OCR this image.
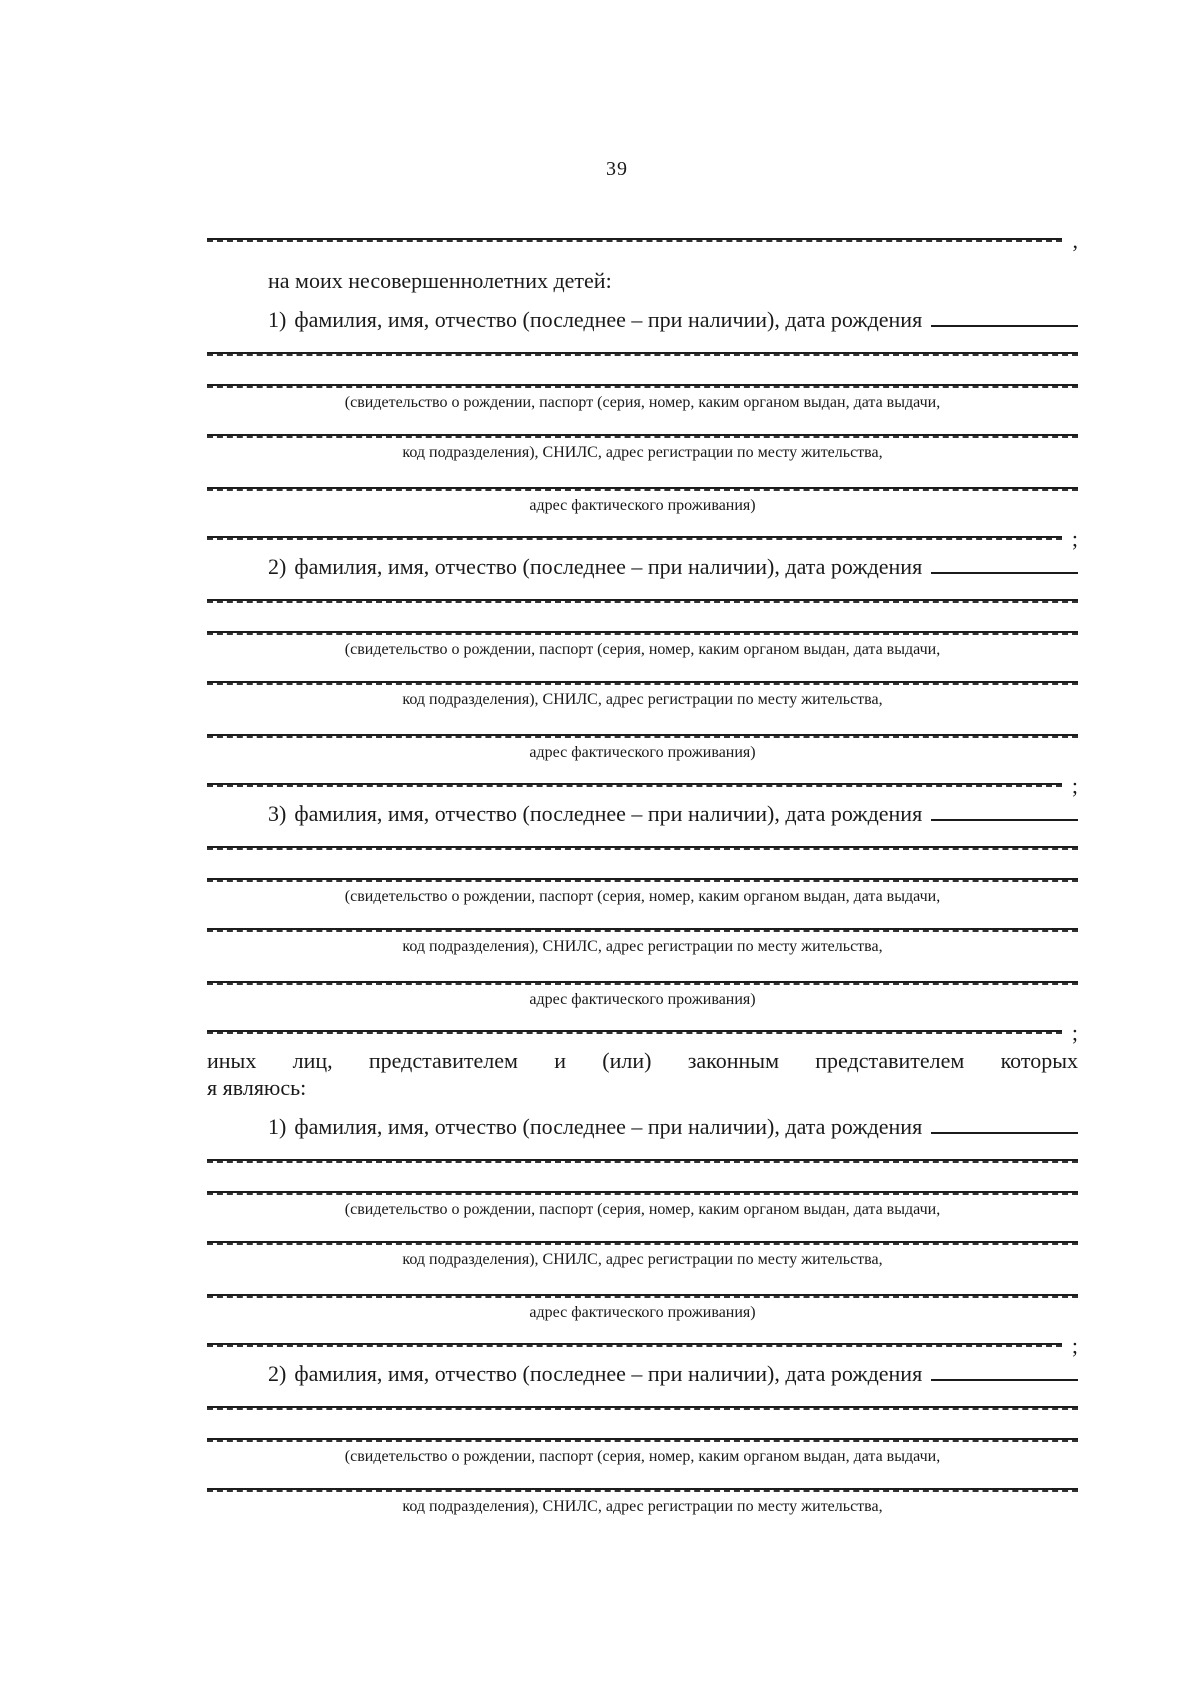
39
,

на моих несовершеннолетних детей:

1) фамилия, имя, отчество (последнее – при наличии), дата рождения
(свидетельство о рождении, паспорт (серия, номер, каким органом выдан, дата выдачи,
код подразделения), СНИЛС, адрес регистрации по месту жительства,
адрес фактического проживания)
;
2) фамилия, имя, отчество (последнее – при наличии), дата рождения
(свидетельство о рождении, паспорт (серия, номер, каким органом выдан, дата выдачи,
код подразделения), СНИЛС, адрес регистрации по месту жительства,
адрес фактического проживания)
;
3) фамилия, имя, отчество (последнее – при наличии), дата рождения
(свидетельство о рождении, паспорт (серия, номер, каким органом выдан, дата выдачи,
код подразделения), СНИЛС, адрес регистрации по месту жительства,
адрес фактического проживания)
;
иных лиц, представителем и (или) законным представителем которых
я являюсь:
1) фамилия, имя, отчество (последнее – при наличии), дата рождения
(свидетельство о рождении, паспорт (серия, номер, каким органом выдан, дата выдачи,
код подразделения), СНИЛС, адрес регистрации по месту жительства,
адрес фактического проживания)
;
2) фамилия, имя, отчество (последнее – при наличии), дата рождения
(свидетельство о рождении, паспорт (серия, номер, каким органом выдан, дата выдачи,
код подразделения), СНИЛС, адрес регистрации по месту жительства,
